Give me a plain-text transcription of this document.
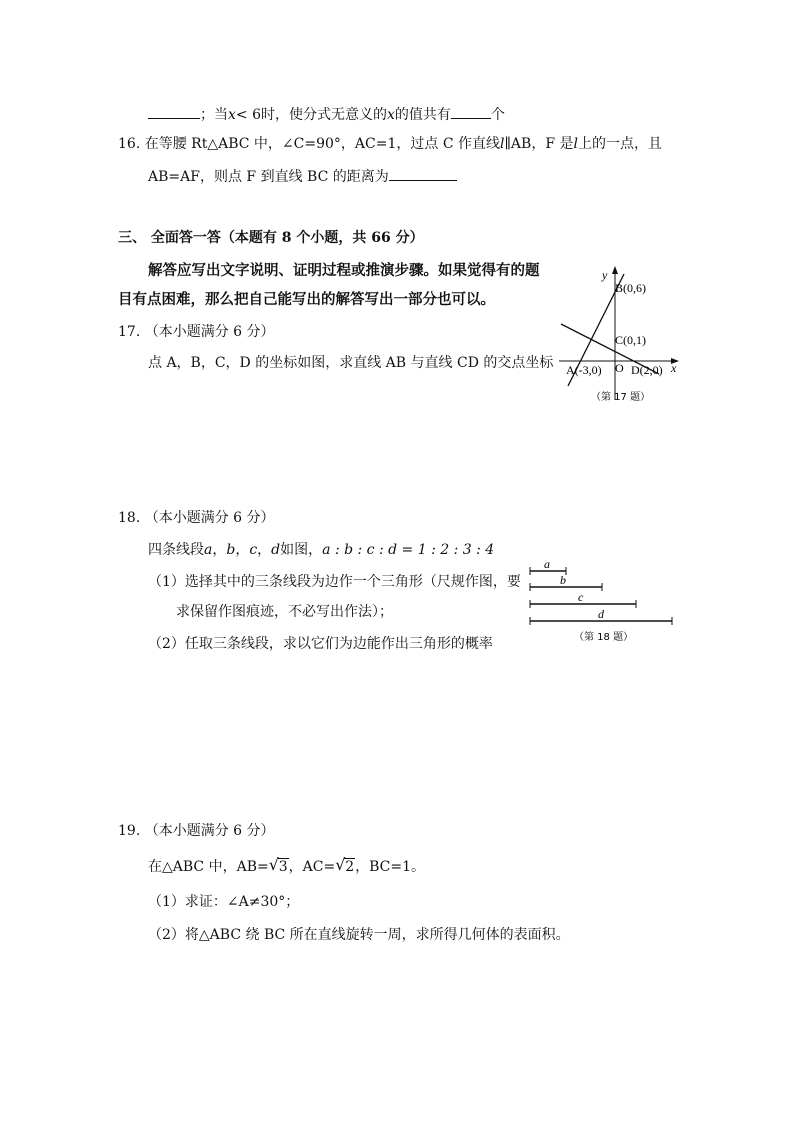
；当x< 6时，使分式无意义的x的值共有	个
16. 在等腰 Rt△ABC 中，∠C=90°，AC=1，过点 C 作直线l∥AB，F 是l上的一点，且
AB=AF，则点 F 到直线 BC 的距离为
三、 全面答一答（本题有 8 个小题，共 66 分）
解答应写出文字说明、证明过程或推演步骤。如果觉得有的题
目有点困难，那么把自己能写出的解答写出一部分也可以。
17. （本小题满分 6 分）
点 A，B，C，D 的坐标如图，求直线 AB 与直线 CD 的交点坐标
y
x
B(0,6)
C(0,1)
A(-3,0) O D(2,0)
（第 17 题）
18. （本小题满分 6 分）
四条线段a，b，c，d如图，a : b : c : d = 1 : 2 : 3 : 4
（1）选择其中的三条线段为边作一个三角形（尺规作图，要
求保留作图痕迹，不必写出作法）；
（2）任取三条线段，求以它们为边能作出三角形的概率
a
b
c
d
（第 18 题）
19. （本小题满分 6 分）
在△ABC 中，AB= √ 3，AC= √ 2，BC=1。
（1）求证：∠A≠30°；
（2）将△ABC 绕 BC 所在直线旋转一周，求所得几何体的表面积。
